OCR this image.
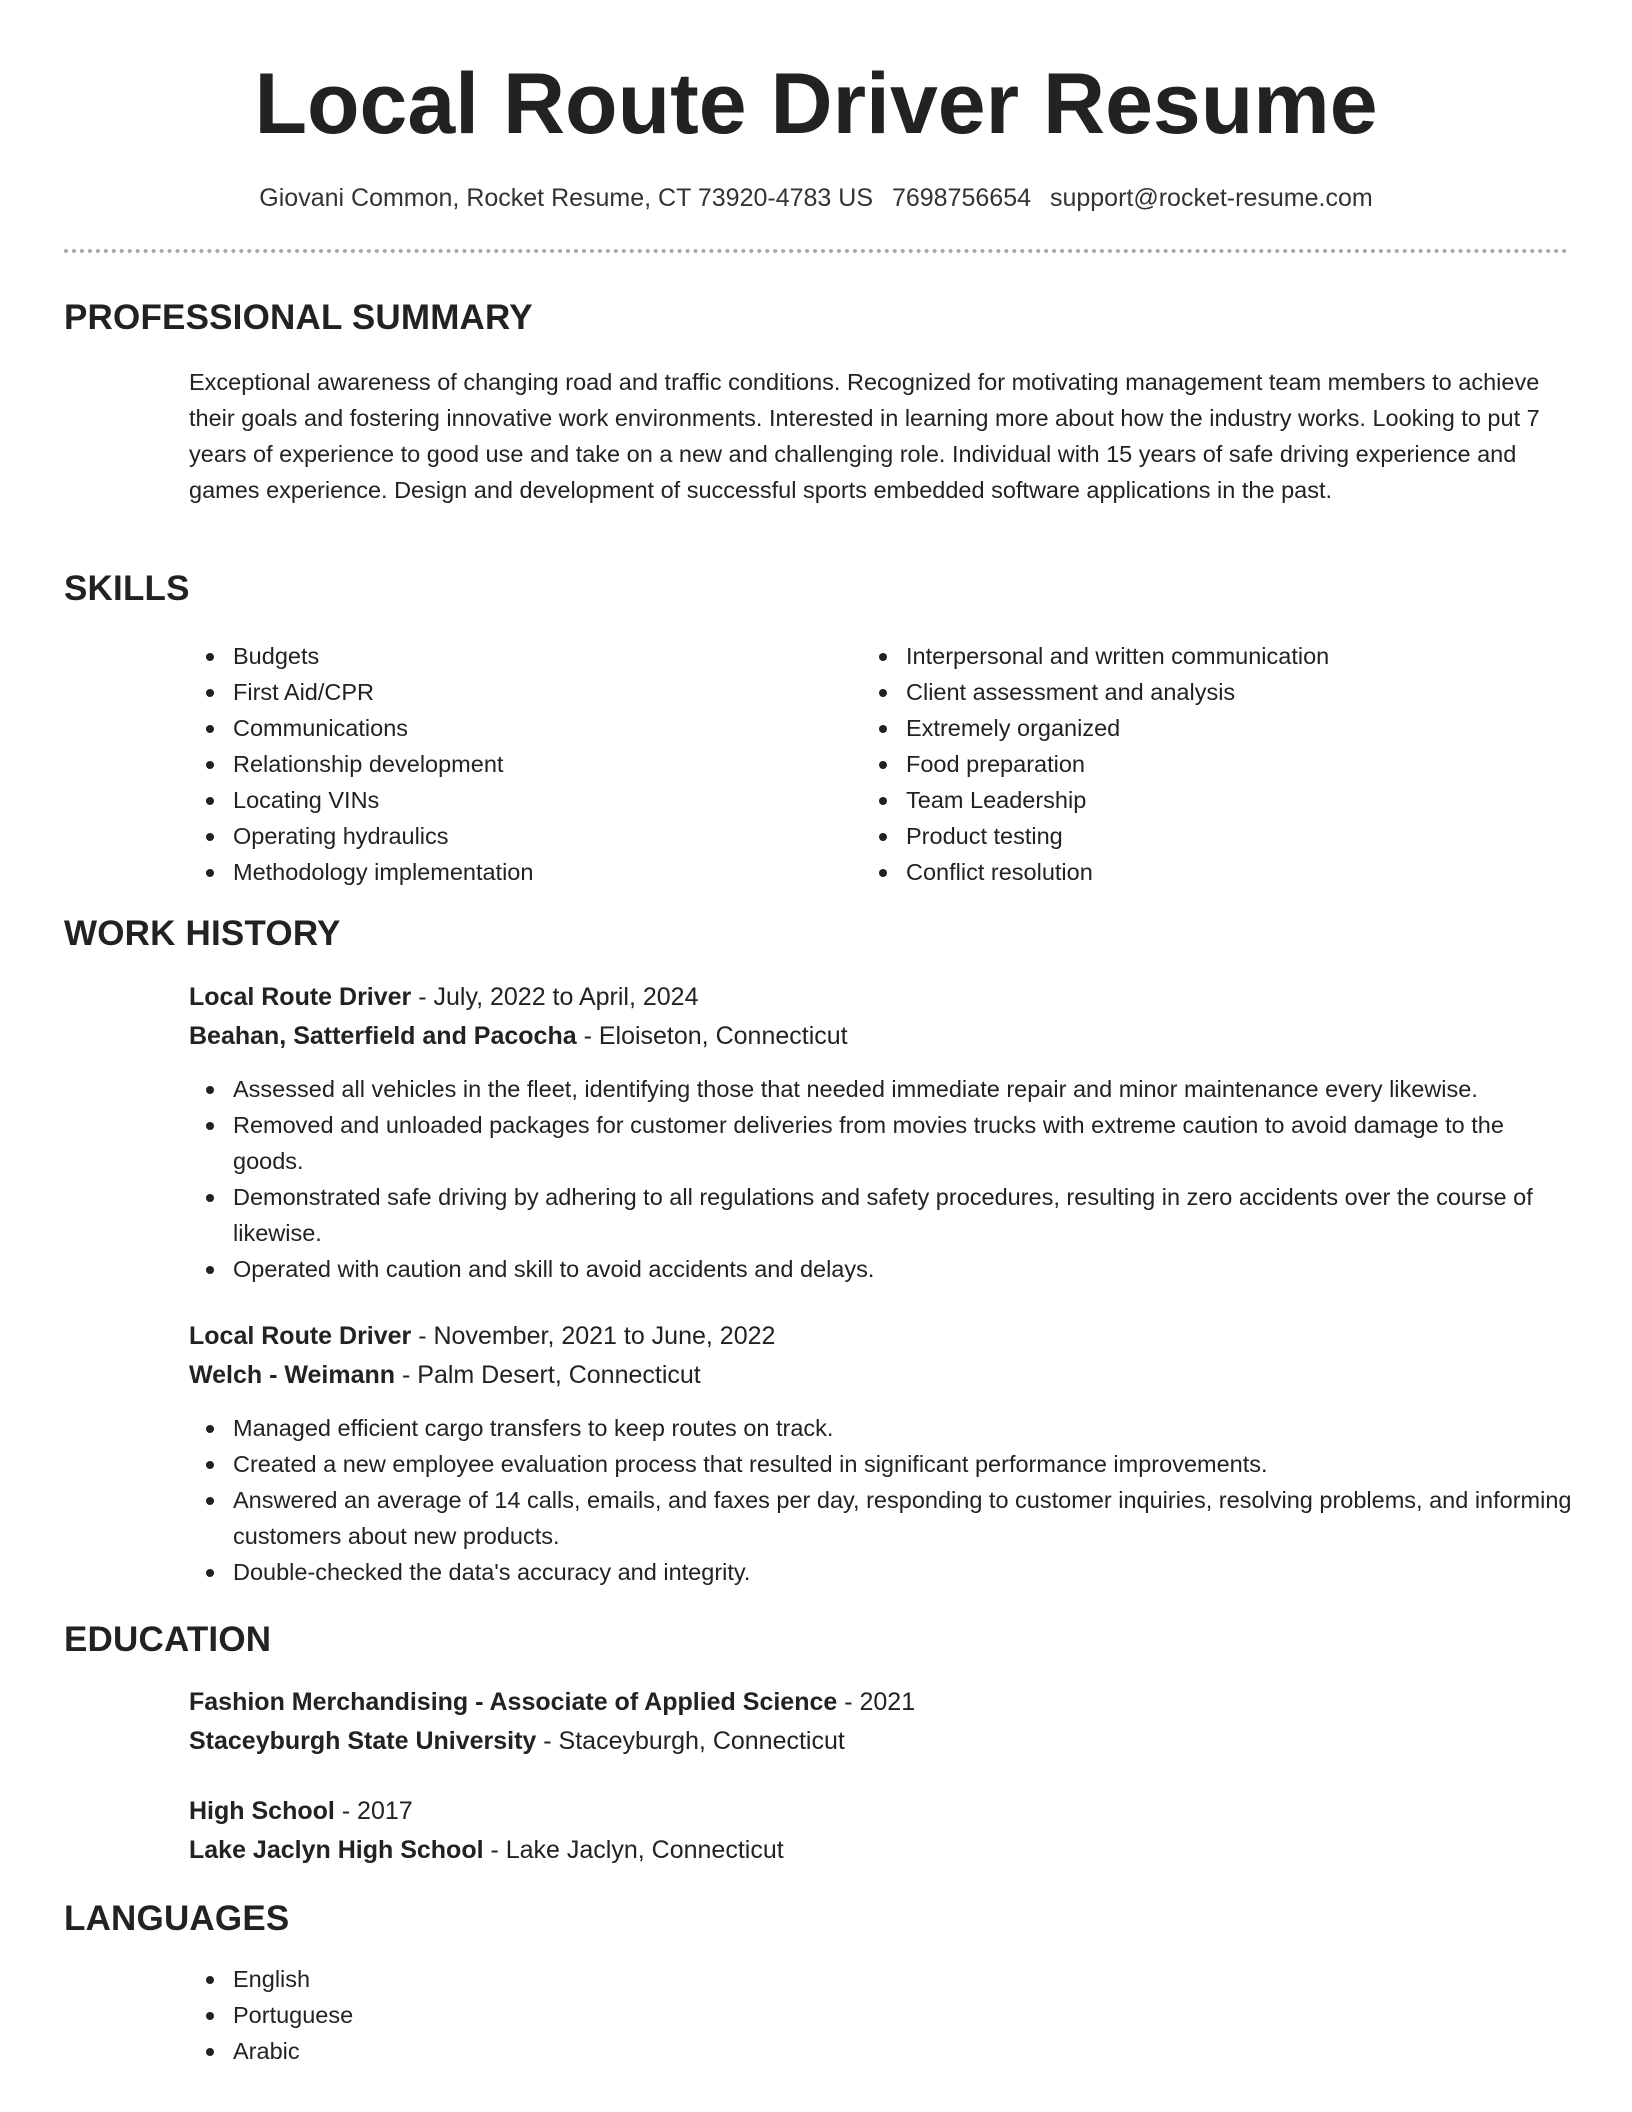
Local Route Driver Resume
Giovani Common, Rocket Resume, CT 73920-4783 US 7698756654 support@rocket-resume.com
PROFESSIONAL SUMMARY
Exceptional awareness of changing road and traffic conditions. Recognized for motivating management team members to achieve their goals and fostering innovative work environments. Interested in learning more about how the industry works. Looking to put 7 years of experience to good use and take on a new and challenging role. Individual with 15 years of safe driving experience and games experience. Design and development of successful sports embedded software applications in the past.
SKILLS
Budgets
First Aid/CPR
Communications
Relationship development
Locating VINs
Operating hydraulics
Methodology implementation
Interpersonal and written communication
Client assessment and analysis
Extremely organized
Food preparation
Team Leadership
Product testing
Conflict resolution
WORK HISTORY
Local Route Driver - July, 2022 to April, 2024
Beahan, Satterfield and Pacocha - Eloiseton, Connecticut
Assessed all vehicles in the fleet, identifying those that needed immediate repair and minor maintenance every likewise.
Removed and unloaded packages for customer deliveries from movies trucks with extreme caution to avoid damage to the goods.
Demonstrated safe driving by adhering to all regulations and safety procedures, resulting in zero accidents over the course of likewise.
Operated with caution and skill to avoid accidents and delays.
Local Route Driver - November, 2021 to June, 2022
Welch - Weimann - Palm Desert, Connecticut
Managed efficient cargo transfers to keep routes on track.
Created a new employee evaluation process that resulted in significant performance improvements.
Answered an average of 14 calls, emails, and faxes per day, responding to customer inquiries, resolving problems, and informing customers about new products.
Double-checked the data's accuracy and integrity.
EDUCATION
Fashion Merchandising - Associate of Applied Science - 2021
Staceyburgh State University - Staceyburgh, Connecticut
High School - 2017
Lake Jaclyn High School - Lake Jaclyn, Connecticut
LANGUAGES
English
Portuguese
Arabic
